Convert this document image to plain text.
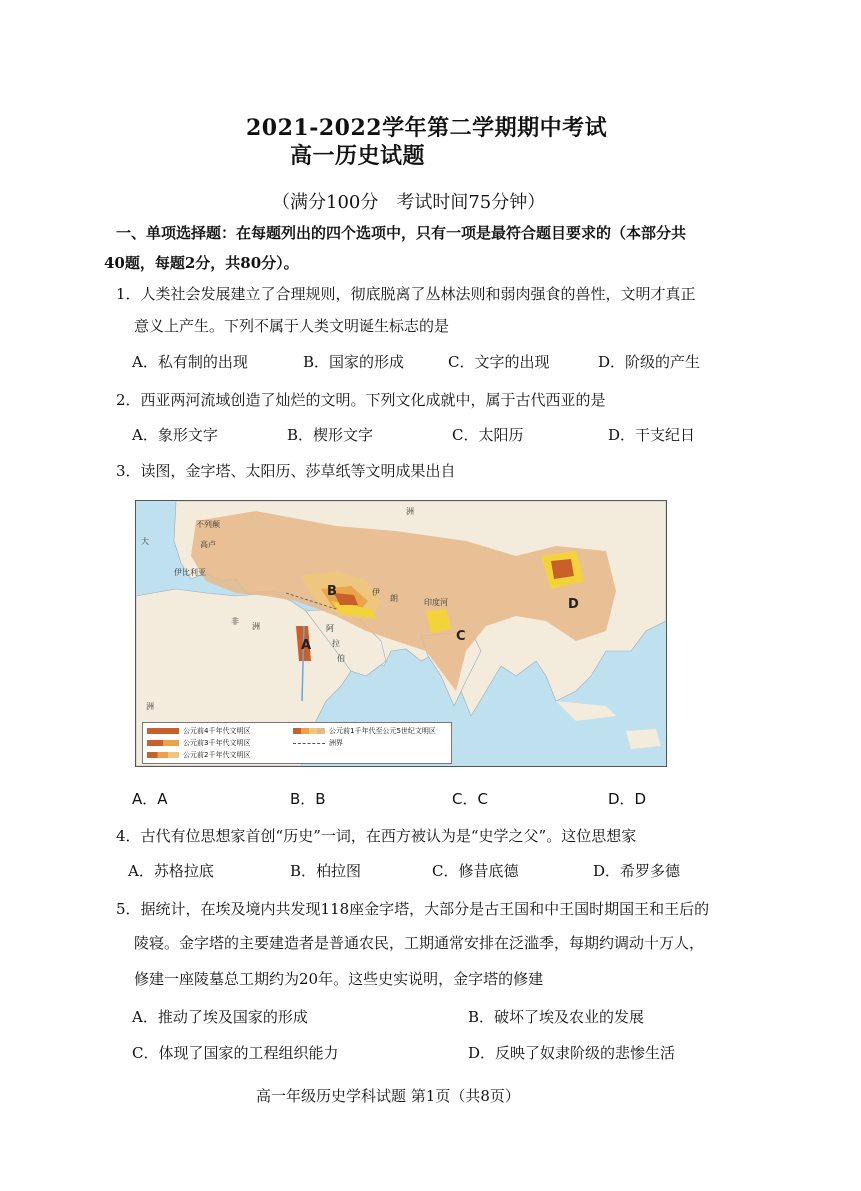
2021-2022学年第二学期期中考试
高一历史试题
（满分100分　考试时间75分钟）
一、单项选择题：在每题列出的四个选项中，只有一项是最符合题目要求的（本部分共
40题，每题2分，共80分）。
1．人类社会发展建立了合理规则，彻底脱离了丛林法则和弱肉强食的兽性，文明才真正
意义上产生。下列不属于人类文明诞生标志的是
A．私有制的出现	B．国家的形成	C．文字的出现	D．阶级的产生
2．西亚两河流域创造了灿烂的文明。下列文化成就中，属于古代西亚的是
A．象形文字	B．楔形文字	C．太阳历	D．干支纪日
3．读图，金字塔、太阳历、莎草纸等文明成果出自
A
B
C
D
不列颠
高卢
伊比利亚
非
洲	阿
拉
伯
伊
朗	印度河
洲
洲
大
公元前4千年代文明区
公元前3千年代文明区
公元前2千年代文明区
公元前1千年代至公元5世纪文明区
洲界
A．A	B．B	C．C	D．D
4．古代有位思想家首创“历史”一词，在西方被认为是“史学之父”。这位思想家
A．苏格拉底	B．柏拉图	C．修昔底德	D．希罗多德
5．据统计，在埃及境内共发现118座金字塔，大部分是古王国和中王国时期国王和王后的
陵寝。金字塔的主要建造者是普通农民，工期通常安排在泛滥季，每期约调动十万人，
修建一座陵墓总工期约为20年。这些史实说明，金字塔的修建
A．推动了埃及国家的形成	B．破坏了埃及农业的发展
C．体现了国家的工程组织能力	D．反映了奴隶阶级的悲惨生活
高一年级历史学科试题 第1页（共8页）
